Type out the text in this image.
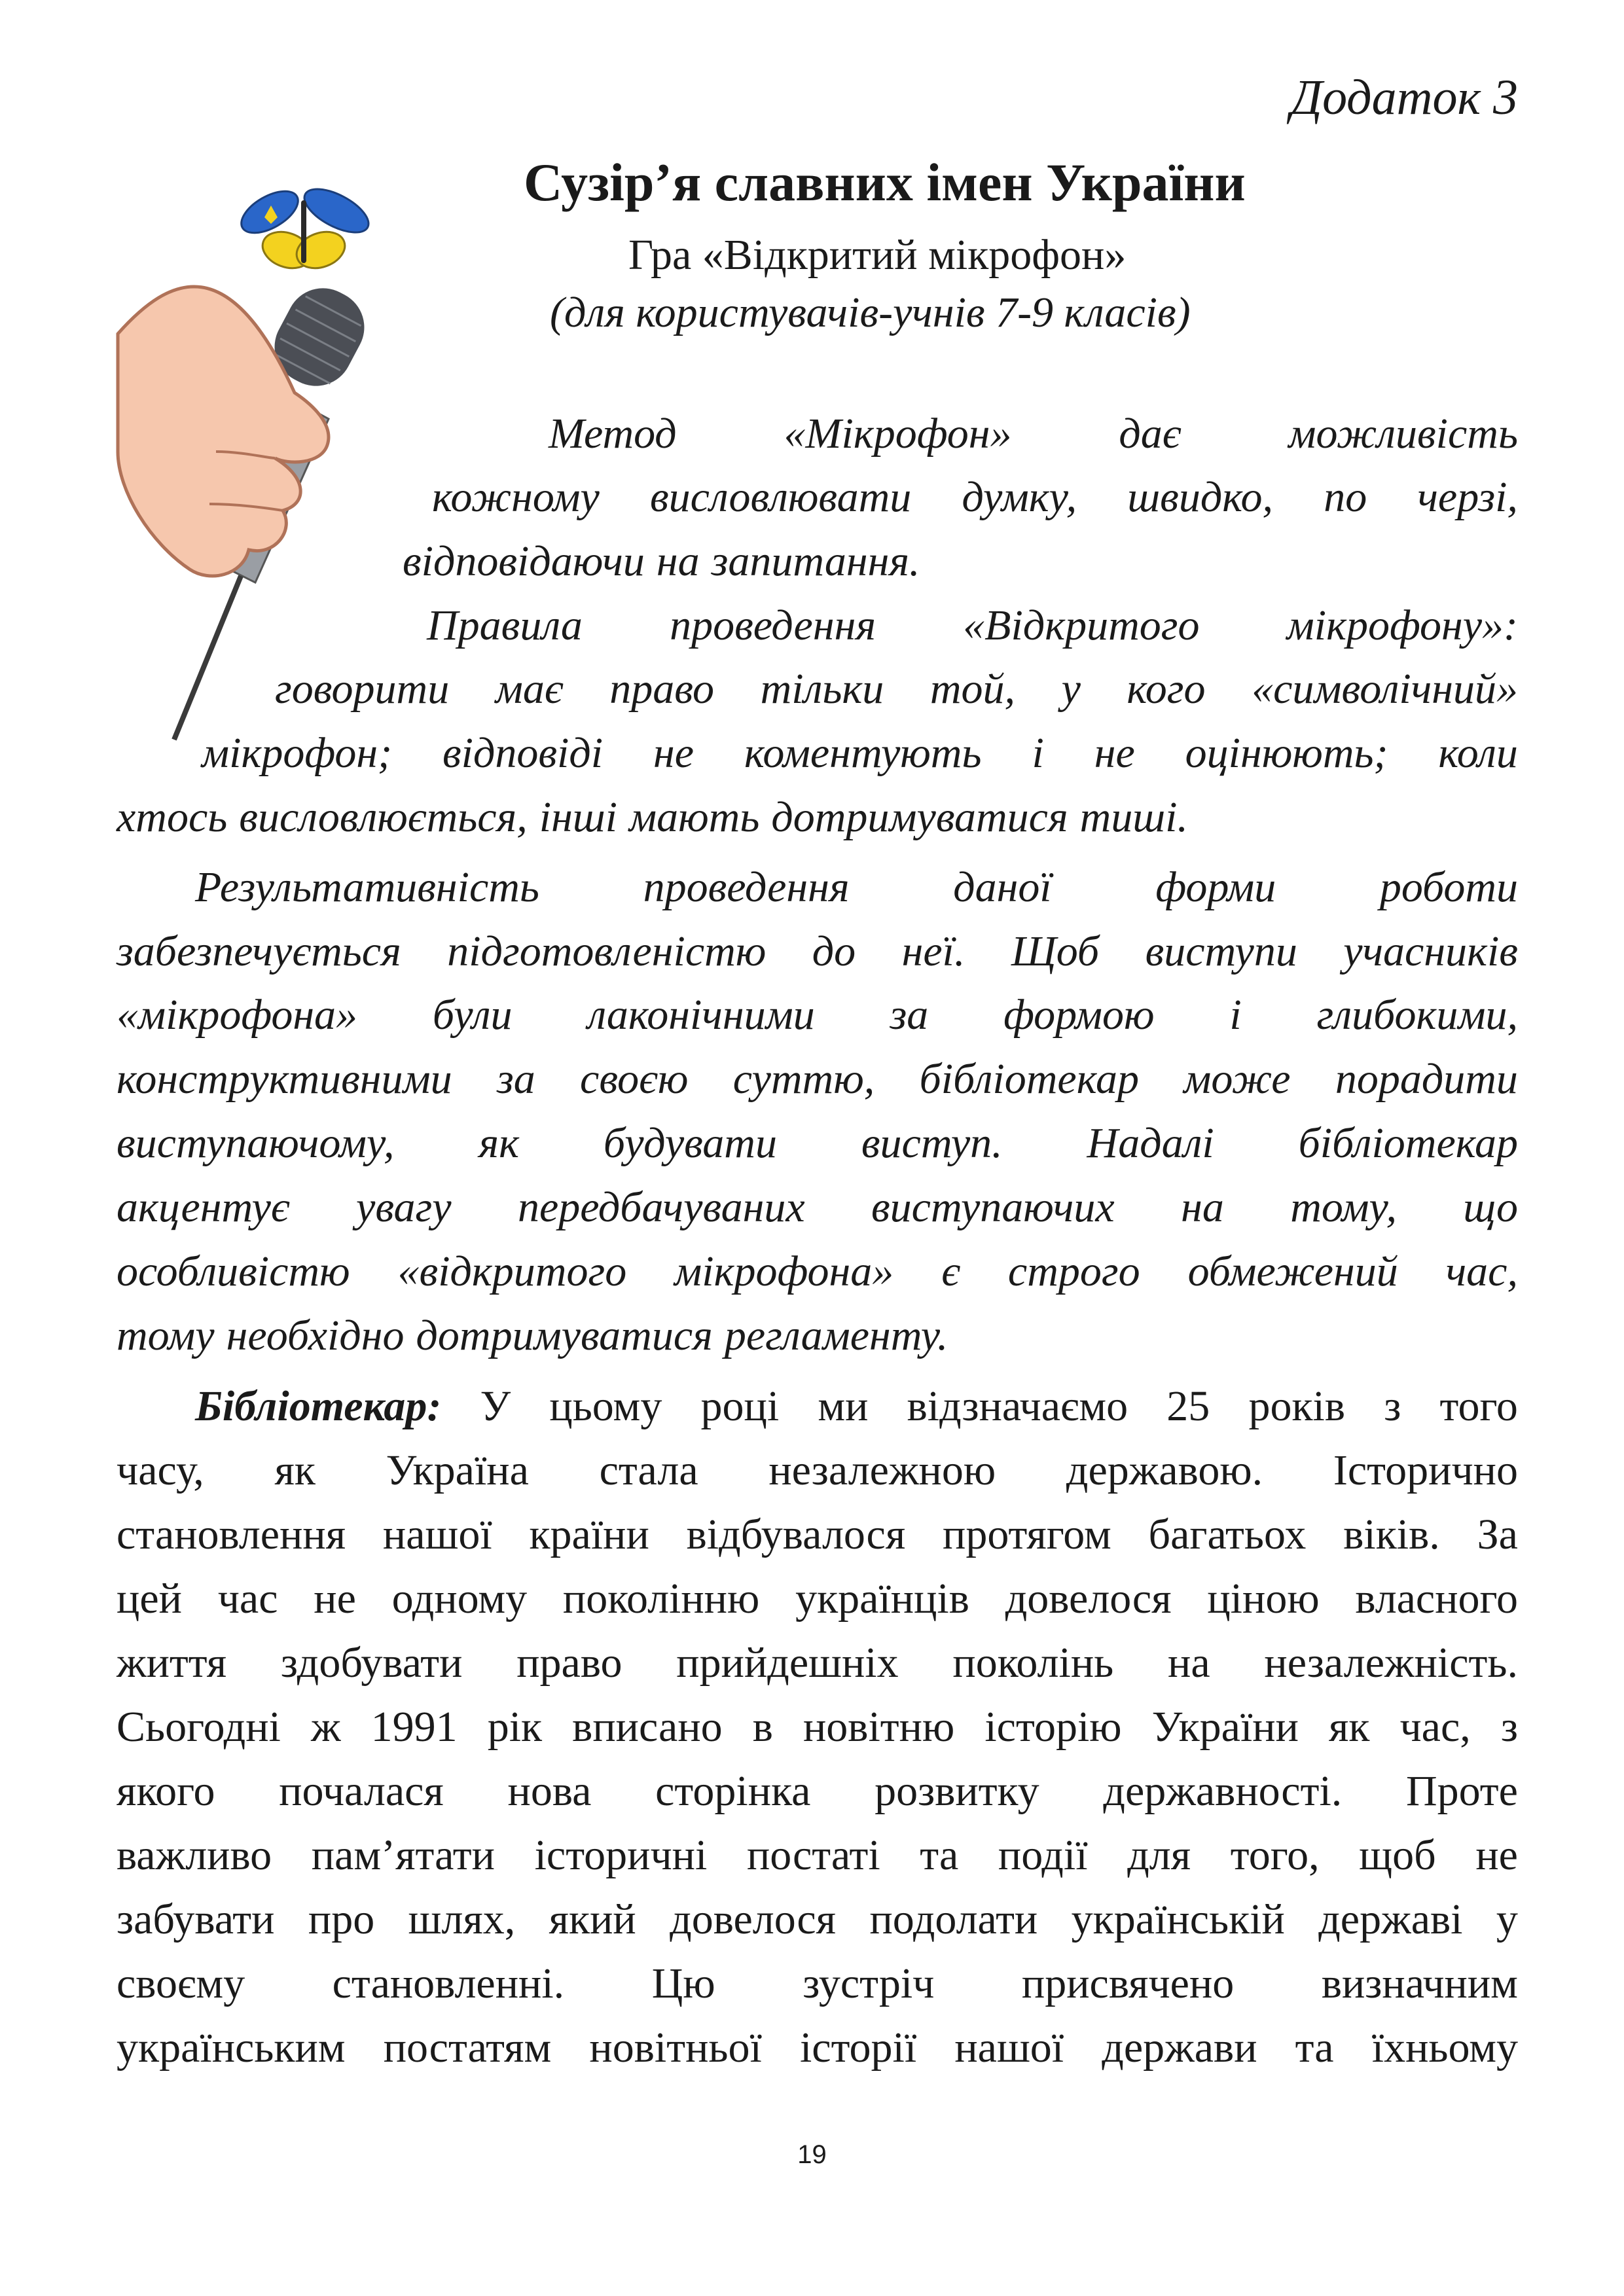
Додаток 3
Сузір’я славних імен України
Гра «Відкритий мікрофон»
(для користувачів-учнів 7-9 класів)
Метод «Мікрофон» дає можливість
кожному висловлювати думку, швидко, по черзі,
відповідаючи на запитання.
Правила проведення «Відкритого мікрофону»:
говорити має право тільки той, у кого «символічний»
мікрофон; відповіді не коментують і не оцінюють; коли
хтось висловлюється, інші мають дотримуватися тиші.
Результативність проведення даної форми роботи
забезпечується підготовленістю до неї. Щоб виступи учасників
«мікрофона» були лаконічними за формою і глибокими,
конструктивними за своєю суттю, бібліотекар може порадити
виступаючому, як будувати виступ. Надалі бібліотекар
акцентує увагу передбачуваних виступаючих на тому, що
особливістю «відкритого мікрофона» є строго обмежений час,
тому необхідно дотримуватися регламенту.
Бібліотекар: У цьому році ми відзначаємо 25 років з того
часу, як Україна стала незалежною державою. Історично
становлення нашої країни відбувалося протягом багатьох віків. За
цей час не одному поколінню українців довелося ціною власного
життя здобувати право прийдешніх поколінь на незалежність.
Сьогодні ж 1991 рік вписано в новітню історію України як час, з
якого почалася нова сторінка розвитку державності. Проте
важливо пам’ятати історичні постаті та події для того, щоб не
забувати про шлях, який довелося подолати українській державі у
своєму становленні. Цю зустріч присвячено визначним
українським постатям новітньої історії нашої держави та їхньому
19
